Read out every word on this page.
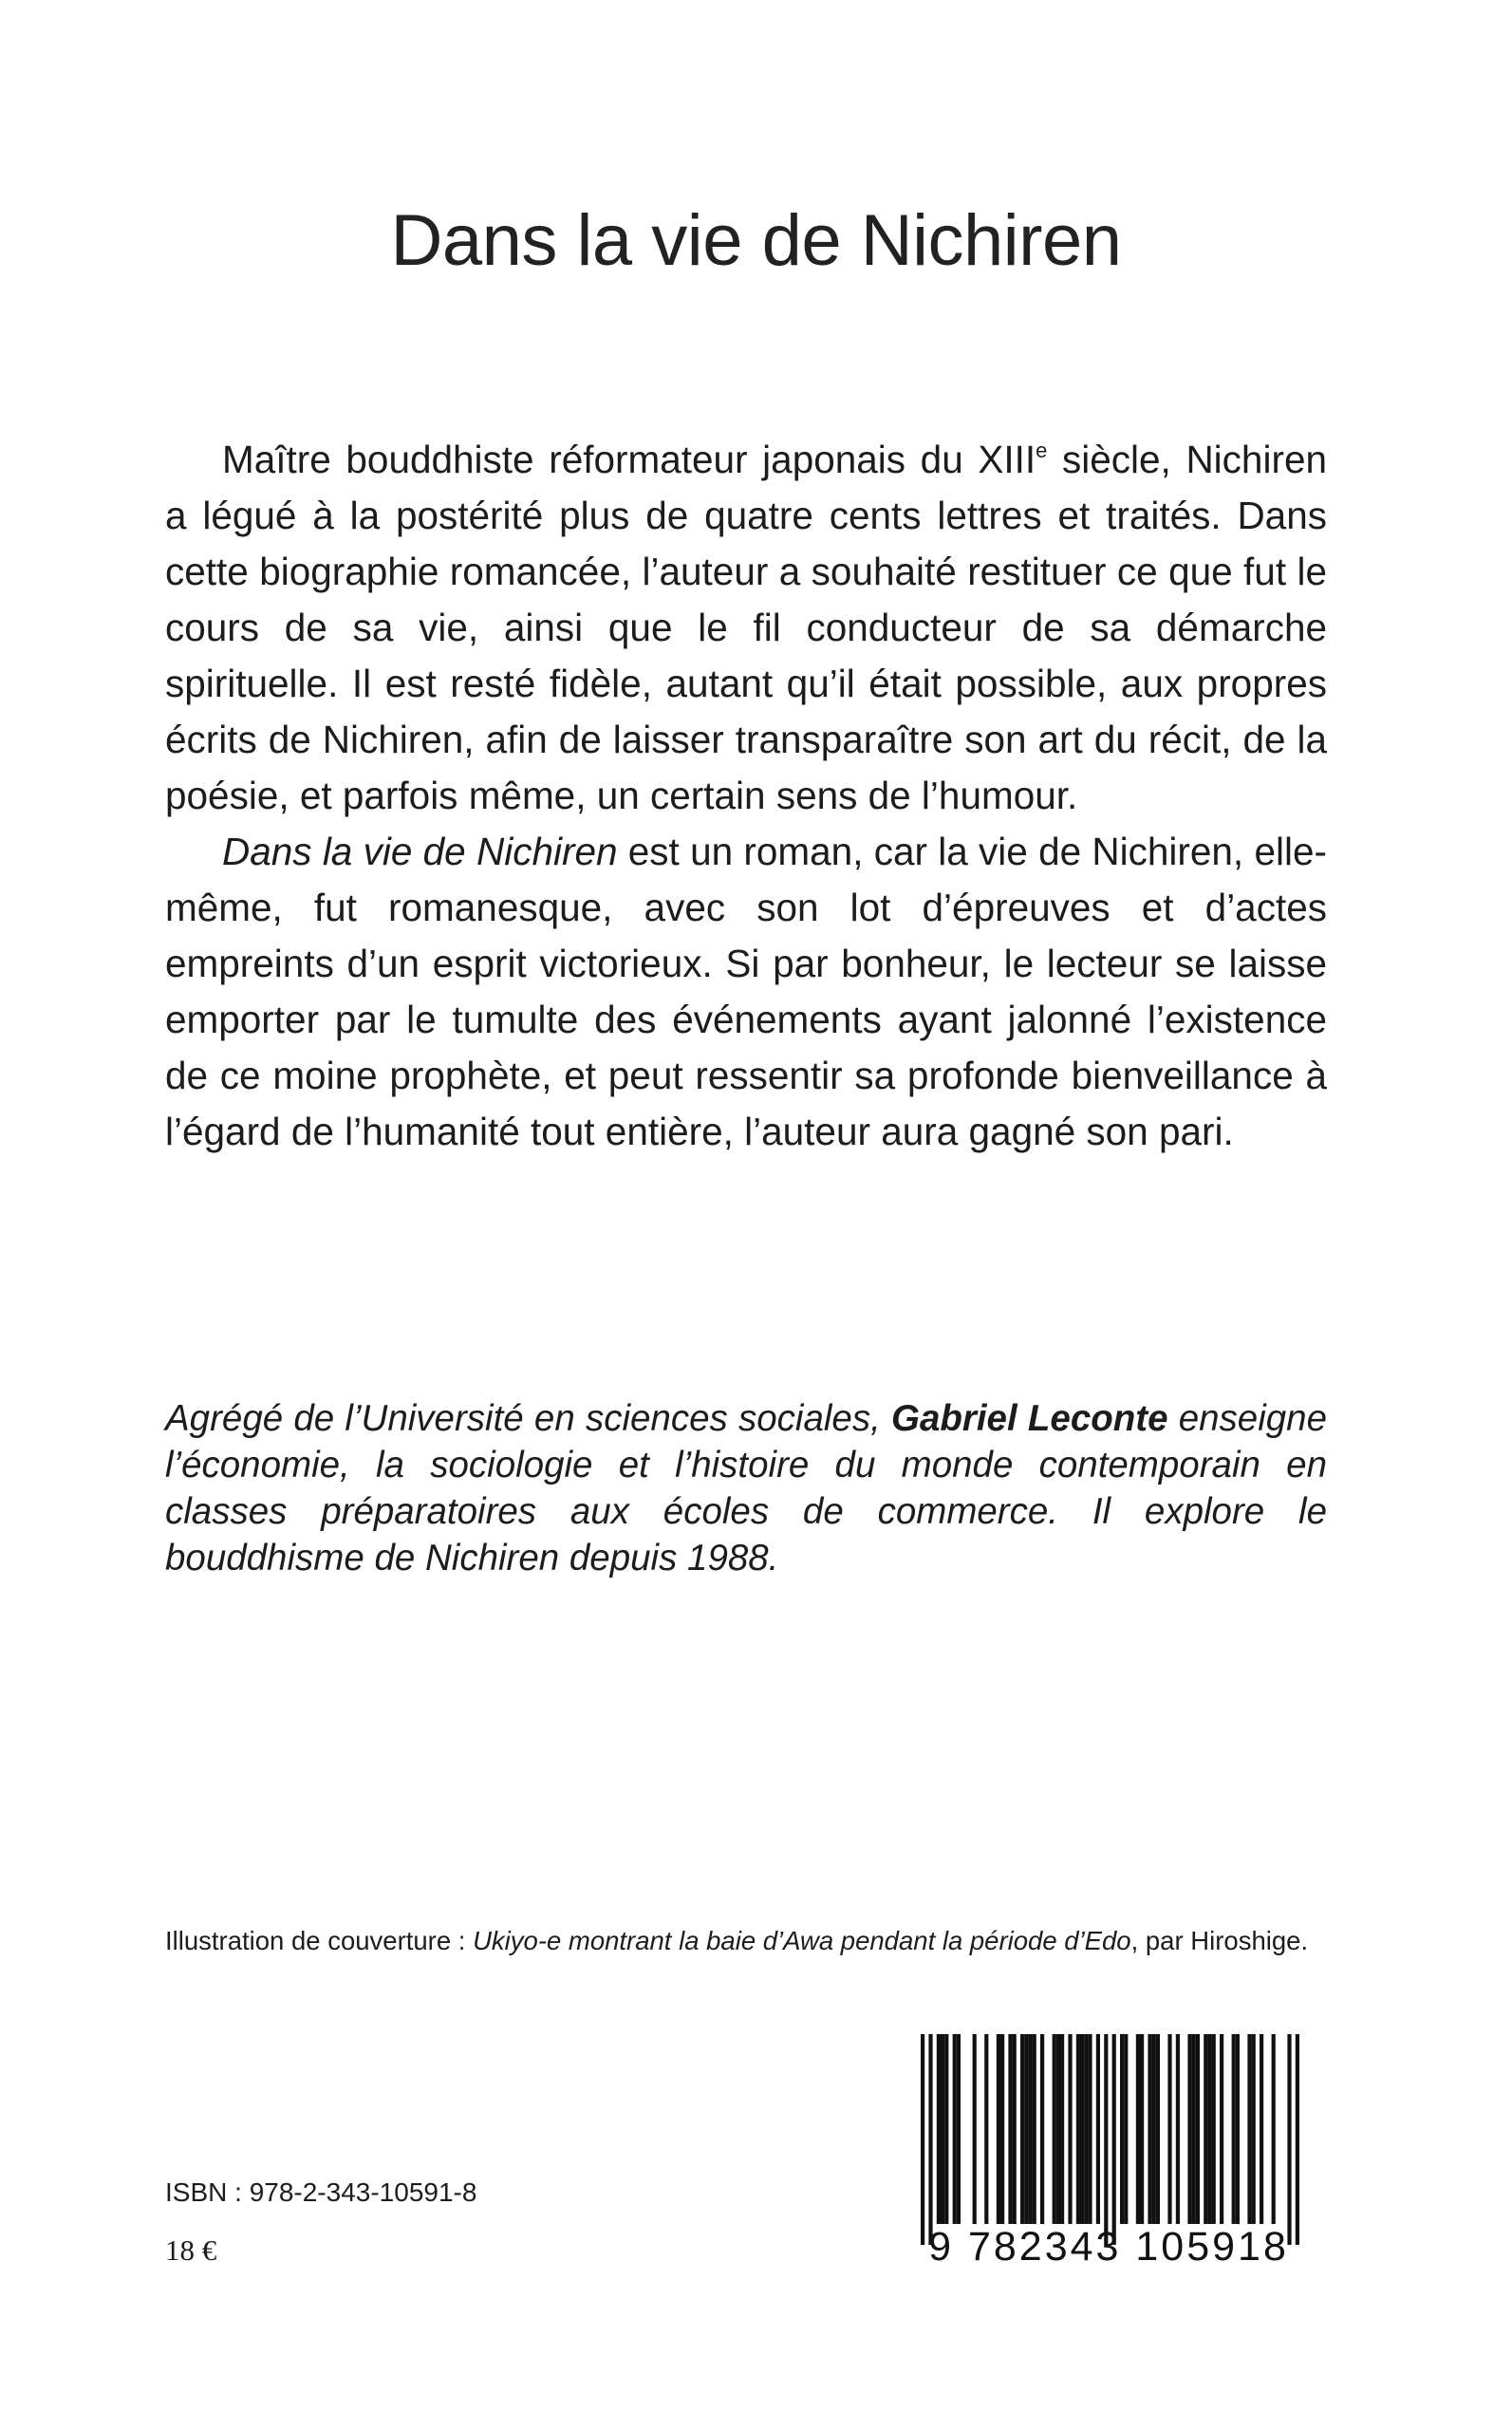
Dans la vie de Nichiren

Maître bouddhiste réformateur japonais du XIIIe siècle, Nichiren a légué à la postérité plus de quatre cents lettres et traités. Dans cette biographie romancée, l’auteur a souhaité restituer ce que fut le cours de sa vie, ainsi que le fil conducteur de sa démarche spirituelle. Il est resté fidèle, autant qu’il était possible, aux propres écrits de Nichiren, afin de laisser transparaître son art du récit, de la poésie, et parfois même, un certain sens de l’humour.

Dans la vie de Nichiren est un roman, car la vie de Nichiren, elle- même, fut romanesque, avec son lot d’épreuves et d’actes empreints d’un esprit victorieux. Si par bonheur, le lecteur se laisse emporter par le tumulte des événements ayant jalonné l’existence de ce moine prophète, et peut ressentir sa profonde bienveillance à l’égard de l’humanité tout entière, l’auteur aura gagné son pari.

Agrégé de l’Université en sciences sociales, Gabriel Leconte enseigne l’économie, la sociologie et l’histoire du monde contemporain en classes préparatoires aux écoles de commerce. Il explore le bouddhisme de Nichiren depuis 1988.
Illustration de couverture : Ukiyo-e montrant la baie d’Awa pendant la période d’Edo, par Hiroshige.
ISBN : 978-2-343-10591-8
18 €	9 782343 105918
